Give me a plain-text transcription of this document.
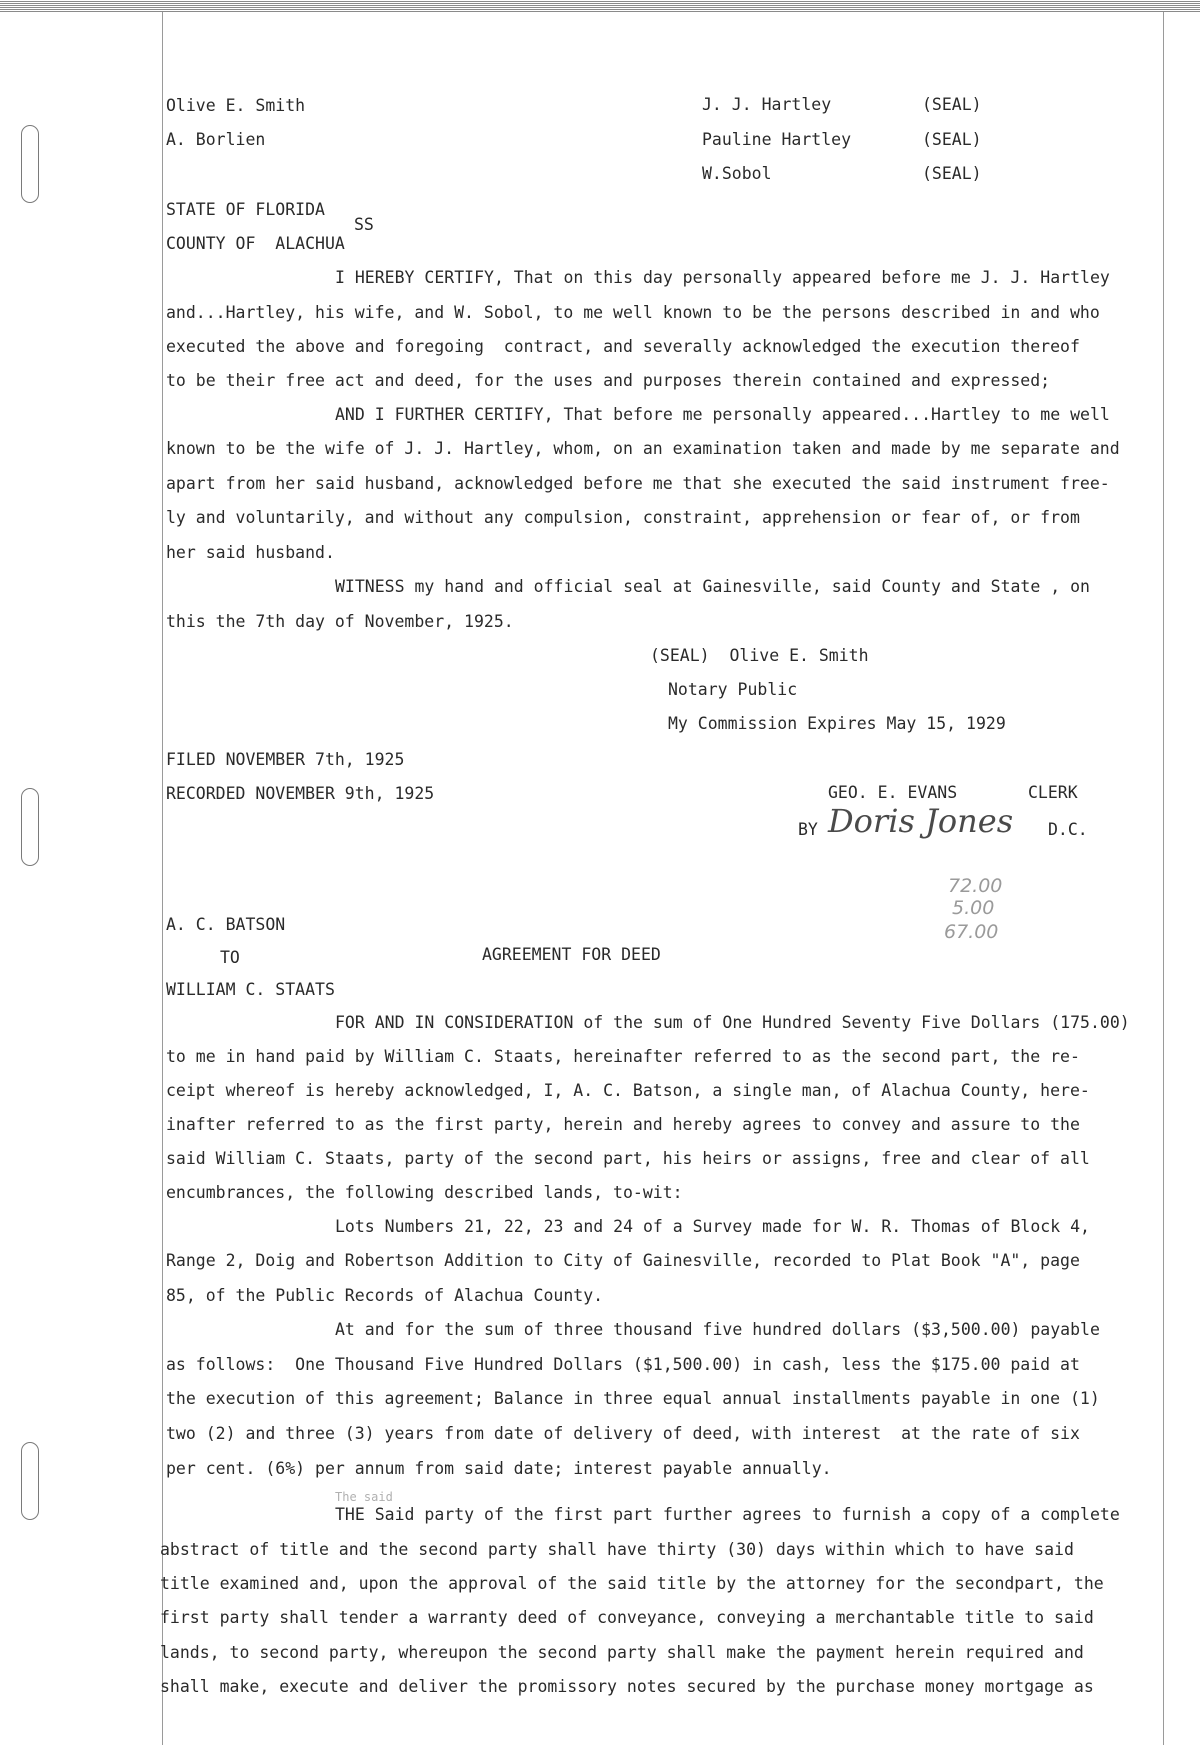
Olive E. Smith
A. Borlien
J. J. Hartley	(SEAL)
Pauline Hartley	(SEAL)
W.Sobol	(SEAL)
STATE OF FLORIDA
SS
COUNTY OF  ALACHUA
I HEREBY CERTIFY, That on this day personally appeared before me J. J. Hartley
and...Hartley, his wife, and W. Sobol, to me well known to be the persons described in and who
executed the above and foregoing  contract, and severally acknowledged the execution thereof
to be their free act and deed, for the uses and purposes therein contained and expressed;
AND I FURTHER CERTIFY, That before me personally appeared...Hartley to me well
known to be the wife of J. J. Hartley, whom, on an examination taken and made by me separate and
apart from her said husband, acknowledged before me that she executed the said instrument free-
ly and voluntarily, and without any compulsion, constraint, apprehension or fear of, or from
her said husband.
WITNESS my hand and official seal at Gainesville, said County and State , on
this the 7th day of November, 1925.
(SEAL)  Olive E. Smith
Notary Public
My Commission Expires May 15, 1929
FILED NOVEMBER 7th, 1925
RECORDED NOVEMBER 9th, 1925	GEO. E. EVANS	CLERK
BY Doris Jones D.C.
72.00
5.00
67.00
A. C. BATSON
TO	AGREEMENT FOR DEED
WILLIAM C. STAATS
FOR AND IN CONSIDERATION of the sum of One Hundred Seventy Five Dollars (175.00)
to me in hand paid by William C. Staats, hereinafter referred to as the second part, the re-
ceipt whereof is hereby acknowledged, I, A. C. Batson, a single man, of Alachua County, here-
inafter referred to as the first party, herein and hereby agrees to convey and assure to the
said William C. Staats, party of the second part, his heirs or assigns, free and clear of all
encumbrances, the following described lands, to-wit:
Lots Numbers 21, 22, 23 and 24 of a Survey made for W. R. Thomas of Block 4,
Range 2, Doig and Robertson Addition to City of Gainesville, recorded to Plat Book "A", page
85, of the Public Records of Alachua County.
At and for the sum of three thousand five hundred dollars ($3,500.00) payable
as follows:  One Thousand Five Hundred Dollars ($1,500.00) in cash, less the $175.00 paid at
the execution of this agreement; Balance in three equal annual installments payable in one (1)
two (2) and three (3) years from date of delivery of deed, with interest  at the rate of six
per cent. (6%) per annum from said date; interest payable annually.
The said
THE Said party of the first part further agrees to furnish a copy of a complete
abstract of title and the second party shall have thirty (30) days within which to have said
title examined and, upon the approval of the said title by the attorney for the secondpart, the
first party shall tender a warranty deed of conveyance, conveying a merchantable title to said
lands, to second party, whereupon the second party shall make the payment herein required and
shall make, execute and deliver the promissory notes secured by the purchase money mortgage as
